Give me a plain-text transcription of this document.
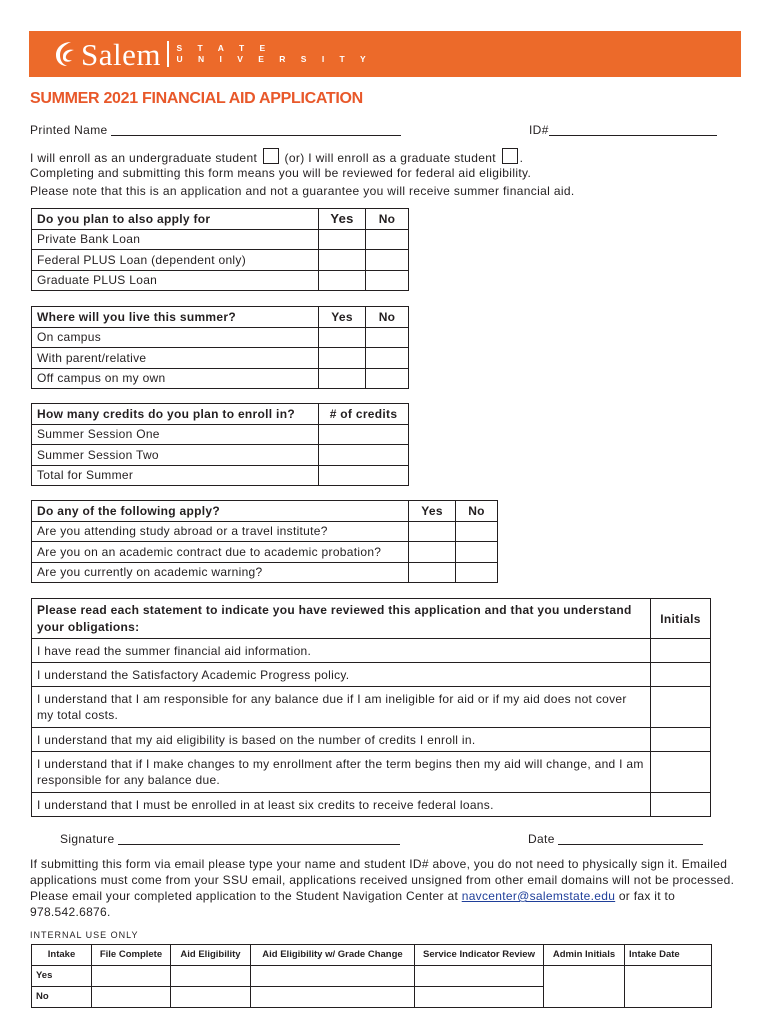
Salem S T A T E
U N I V E R S I T Y
SUMMER 2021 FINANCIAL AID APPLICATION
Printed Name	ID#
I will enroll as an undergraduate student (or) I will enroll as a graduate student .
Completing and submitting this form means you will be reviewed for federal aid eligibility.
Please note that this is an application and not a guarantee you will receive summer financial aid.
Do you plan to also apply for	Yes	No
Private Bank Loan		
Federal PLUS Loan (dependent only)		
Graduate PLUS Loan		
Where will you live this summer?	Yes	No
On campus		
With parent/relative		
Off campus on my own		
How many credits do you plan to enroll in?	# of credits
Summer Session One	
Summer Session Two	
Total for Summer	
Do any of the following apply?	Yes	No
Are you attending study abroad or a travel institute?		
Are you on an academic contract due to academic probation?		
Are you currently on academic warning?		
Please read each statement to indicate you have reviewed this application and that you understand your obligations:	Initials
I have read the summer financial aid information.	
I understand the Satisfactory Academic Progress policy.	
I understand that I am responsible for any balance due if I am ineligible for aid or if my aid does not cover my total costs.	
I understand that my aid eligibility is based on the number of credits I enroll in.	
I understand that if I make changes to my enrollment after the term begins then my aid will change, and I am responsible for any balance due.	
I understand that I must be enrolled in at least six credits to receive federal loans.	
Signature	Date
If submitting this form via email please type your name and student ID# above, you do not need to physically sign it. Emailed applications must come from your SSU email, applications received unsigned from other email domains will not be processed. Please email your completed application to the Student Navigation Center at navcenter@salemstate.edu or fax it to 978.542.6876.
INTERNAL USE ONLY
Intake	File Complete	Aid Eligibility	Aid Eligibility w/ Grade Change	Service Indicator Review	Admin Initials	Intake Date
Yes						
No						
